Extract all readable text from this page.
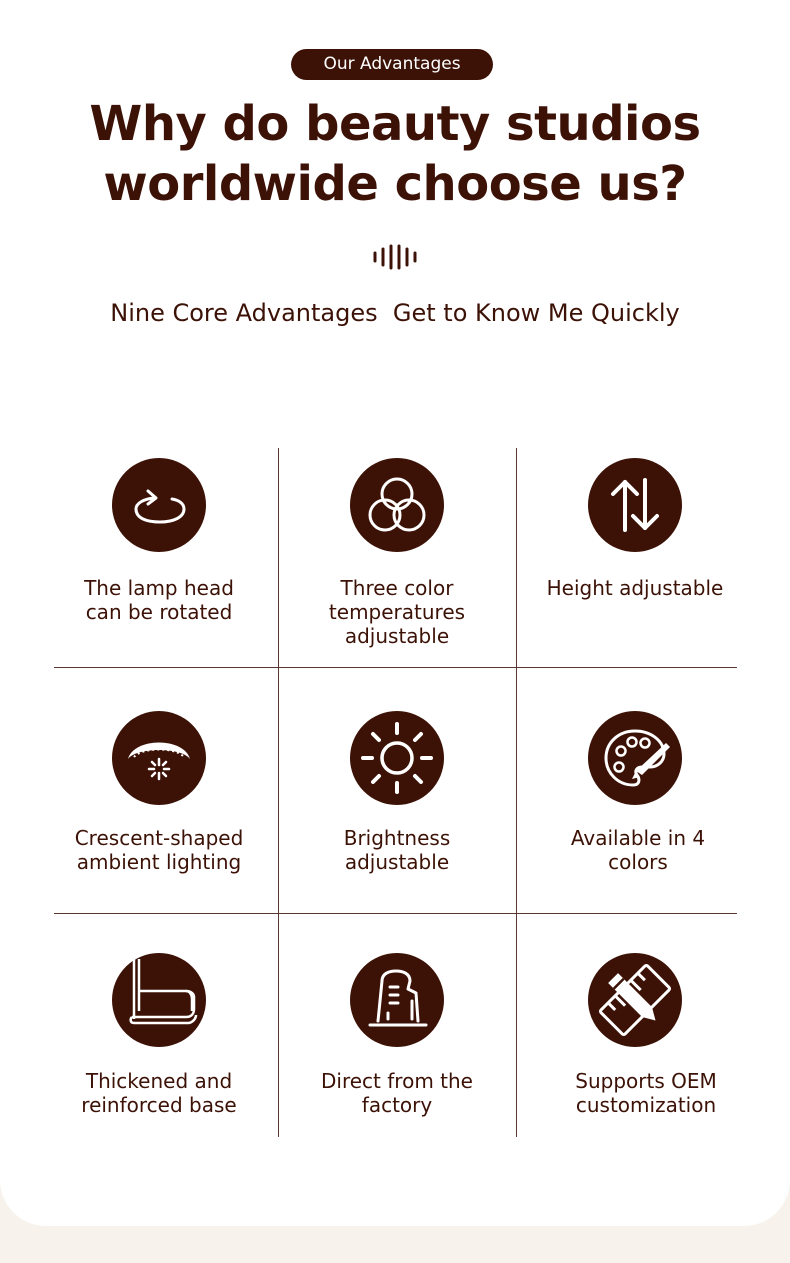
Our Advantages
Why do beauty studios
worldwide choose us?
Nine Core Advantages  Get to Know Me Quickly
The lamp head
can be rotated
Three color
temperatures
adjustable
Height adjustable
Crescent-shaped
ambient lighting
Brightness
adjustable
Available in 4
colors
Thickened and
reinforced base
Direct from the
factory
Supports OEM
customization
